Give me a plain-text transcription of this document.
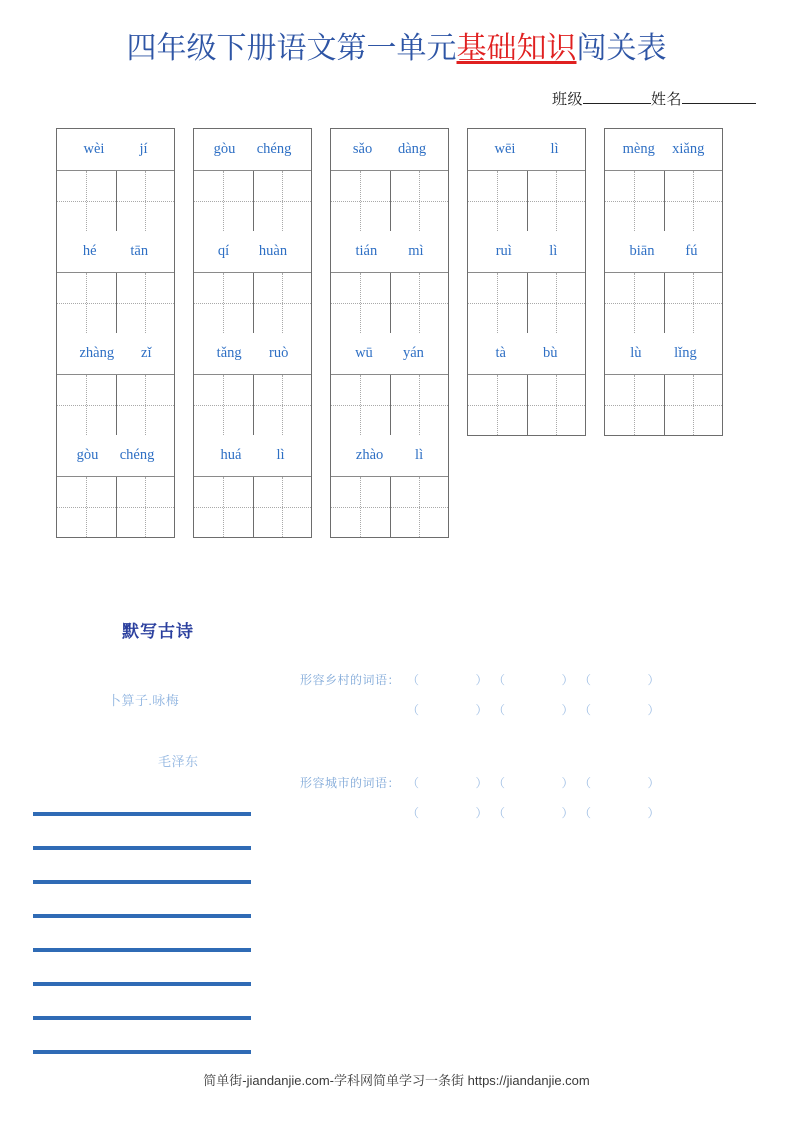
四年级下册语文第一单元基础知识闯关表
班级	姓名
wèi jí
hé tān
zhàng zǐ
gòu chéng
gòu chéng
qí huàn
tǎng ruò
huá lì
sǎo dàng
tián mì
wū yán
zhào lì
wēi lì
ruì	lì
tà	bù
mèng xiǎng
biān fú
lù lǐng
默写古诗
卜算子.咏梅
毛泽东
形容乡村的词语： （	） （	） （	）
（	） （	） （	）
形容城市的词语： （	） （	） （	）
（	） （	） （	）
简单街-jiandanjie.com-学科网简单学习一条街 https://jiandanjie.com
